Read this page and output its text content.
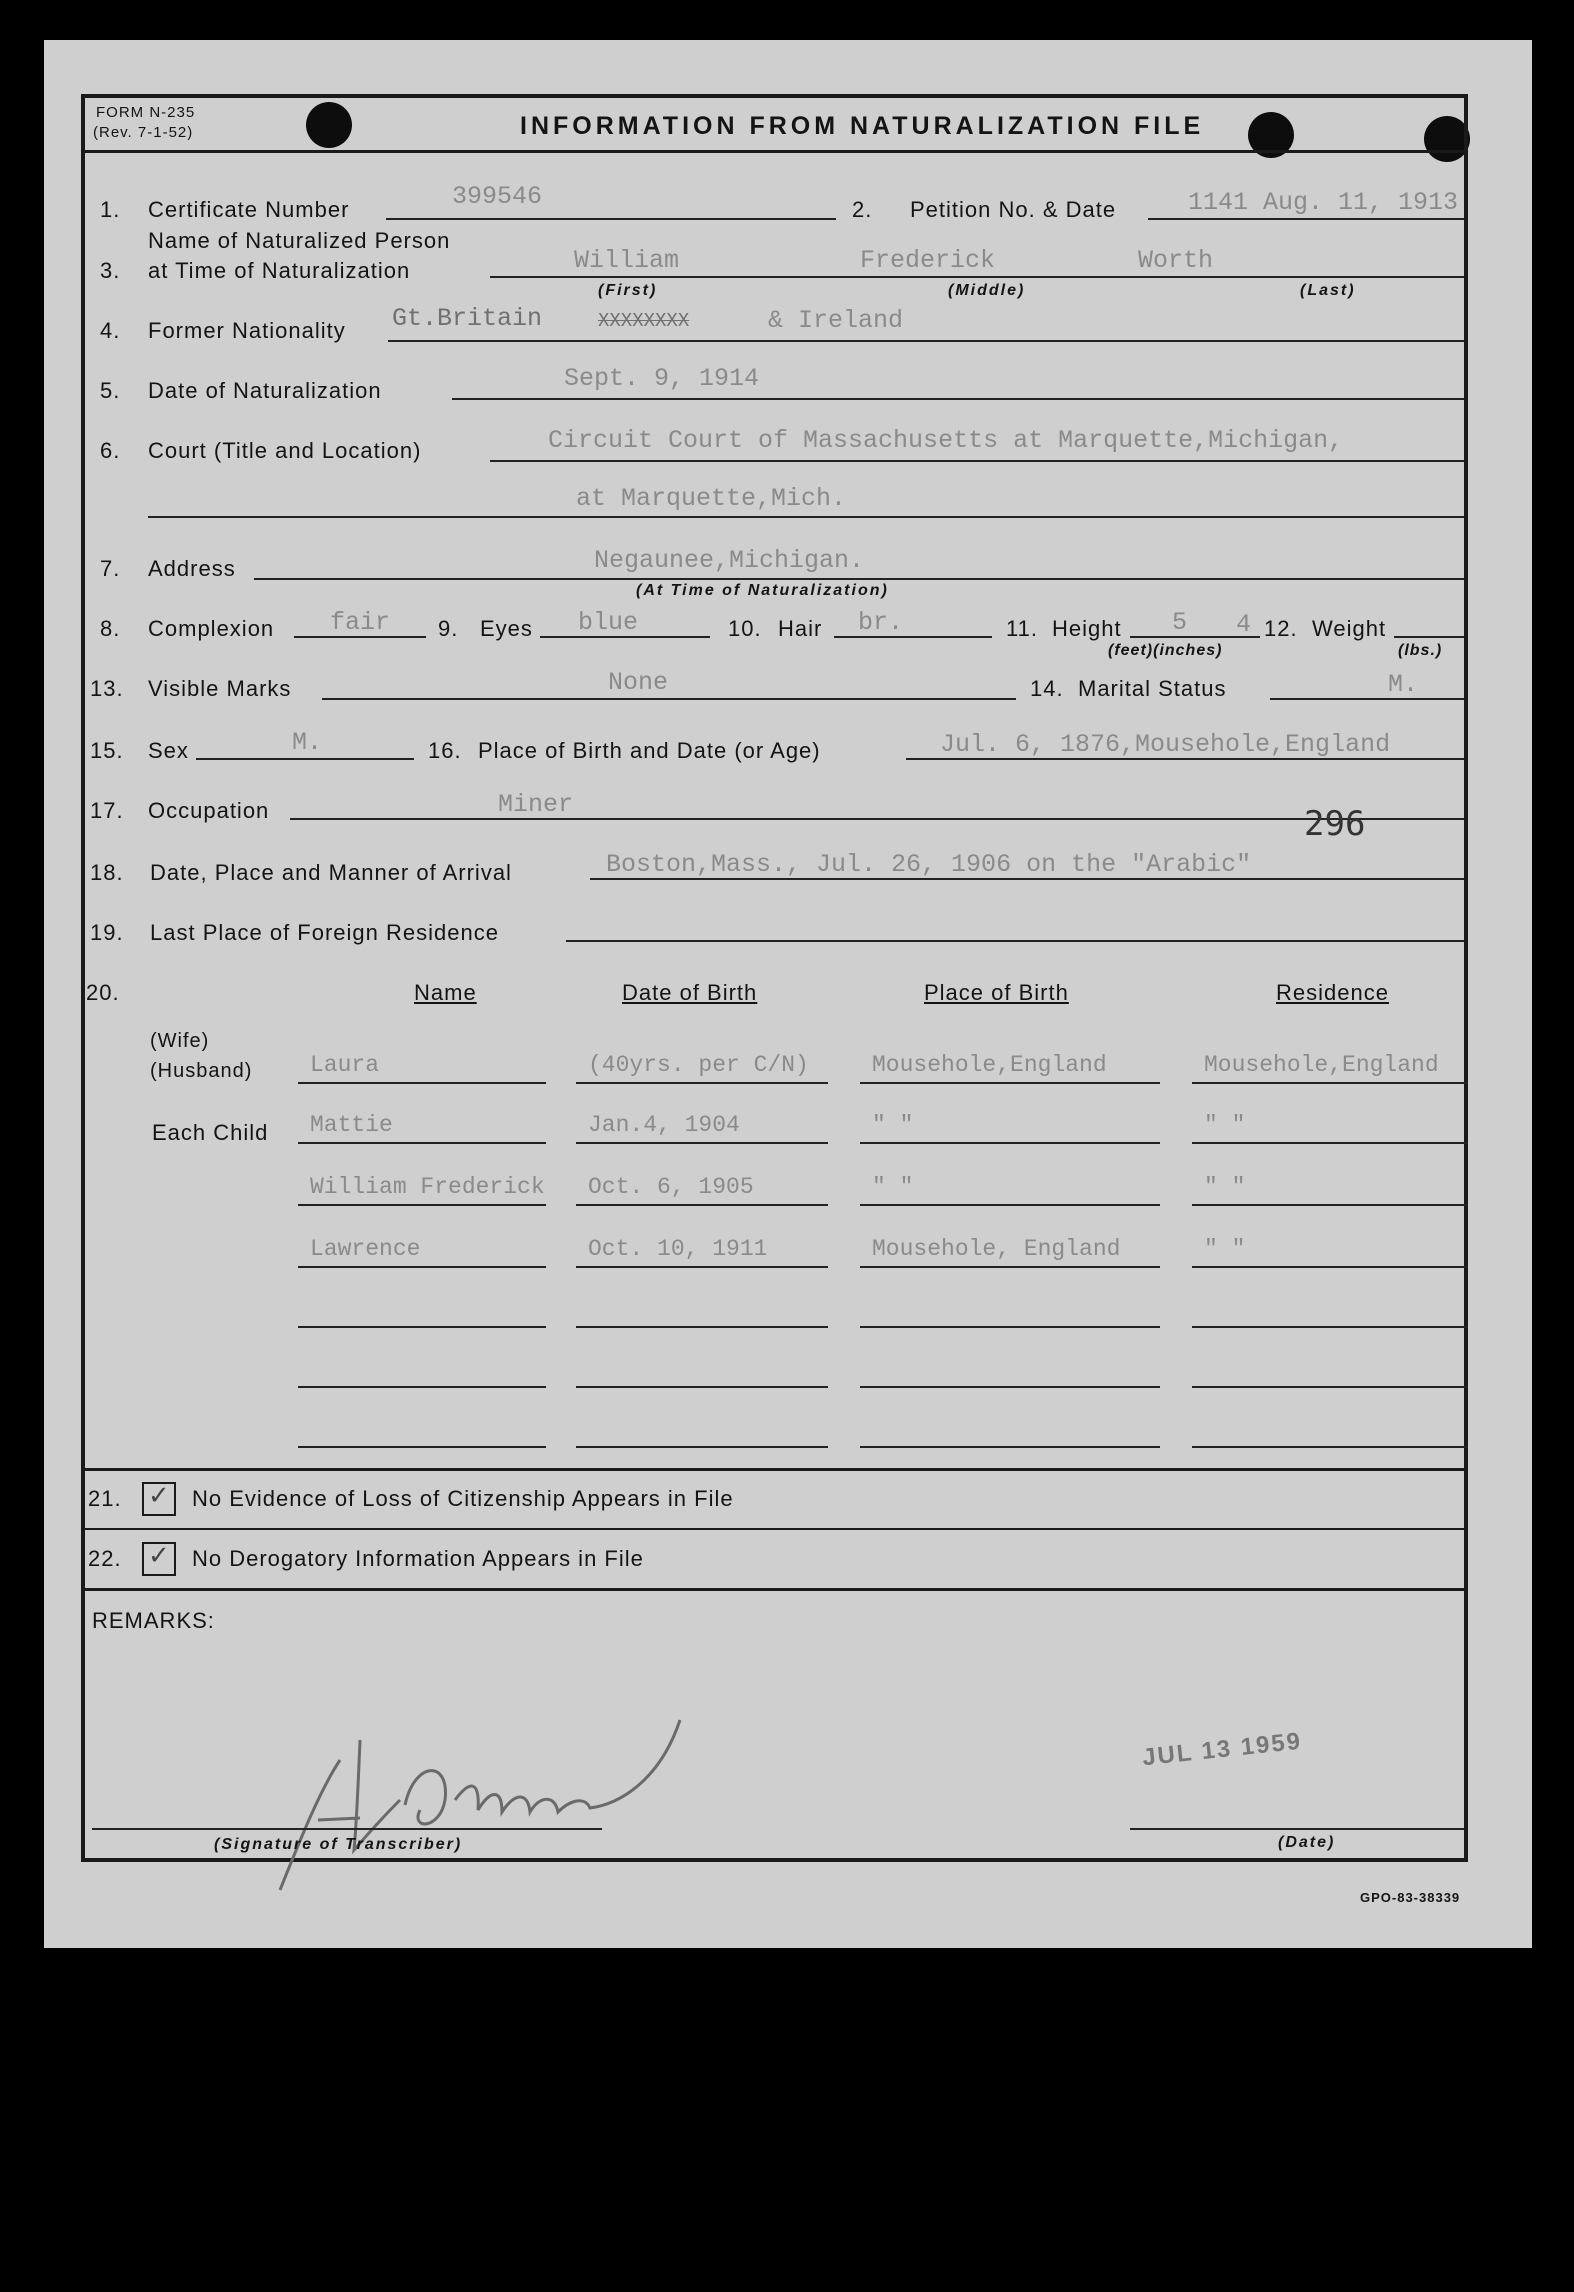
FORM N-235
(Rev. 7-1-52)	INFORMATION FROM NATURALIZATION FILE
1. Certificate Number	399546	2. Petition No. & Date	1141 Aug. 11, 1913
Name of Naturalized Person
3. at Time of Naturalization	William	Frederick	Worth
(First)	(Middle)	(Last)
4. Former Nationality Gt.Britain	XXXXXXXX	& Ireland
5. Date of Naturalization	Sept. 9, 1914
6. Court (Title and Location)	Circuit Court of Massachusetts at Marquette,Michigan,
at Marquette,Mich.
7. Address	Negaunee,Michigan.
(At Time of Naturalization)
8. Complexion fair 9. Eyes blue	10. Hair br.	11. Height 5 4
(feet)(inches)
12. Weight
(lbs.)
13. Visible Marks	None	14. Marital Status	M.
15. Sex	M.	16. Place of Birth and Date (or Age)	Jul. 6, 1876,Mousehole,England
17. Occupation	Miner	296
18. Date, Place and Manner of Arrival	Boston,Mass., Jul. 26, 1906 on the "Arabic"
19. Last Place of Foreign Residence
20.	Name	Date of Birth	Place of Birth	Residence
(Wife)
(Husband)
Each Child
Laura	(40yrs. per C/N)	Mousehole,England	Mousehole,England
Mattie	Jan.4, 1904	" "	" "
William Frederick Oct. 6, 1905	" "	" "
Lawrence	Oct. 10, 1911	Mousehole, England	" "
21. ✓ No Evidence of Loss of Citizenship Appears in File
22. ✓ No Derogatory Information Appears in File
REMARKS:
JUL 13 1959
(Signature of Transcriber)	(Date)
GPO-83-38339
